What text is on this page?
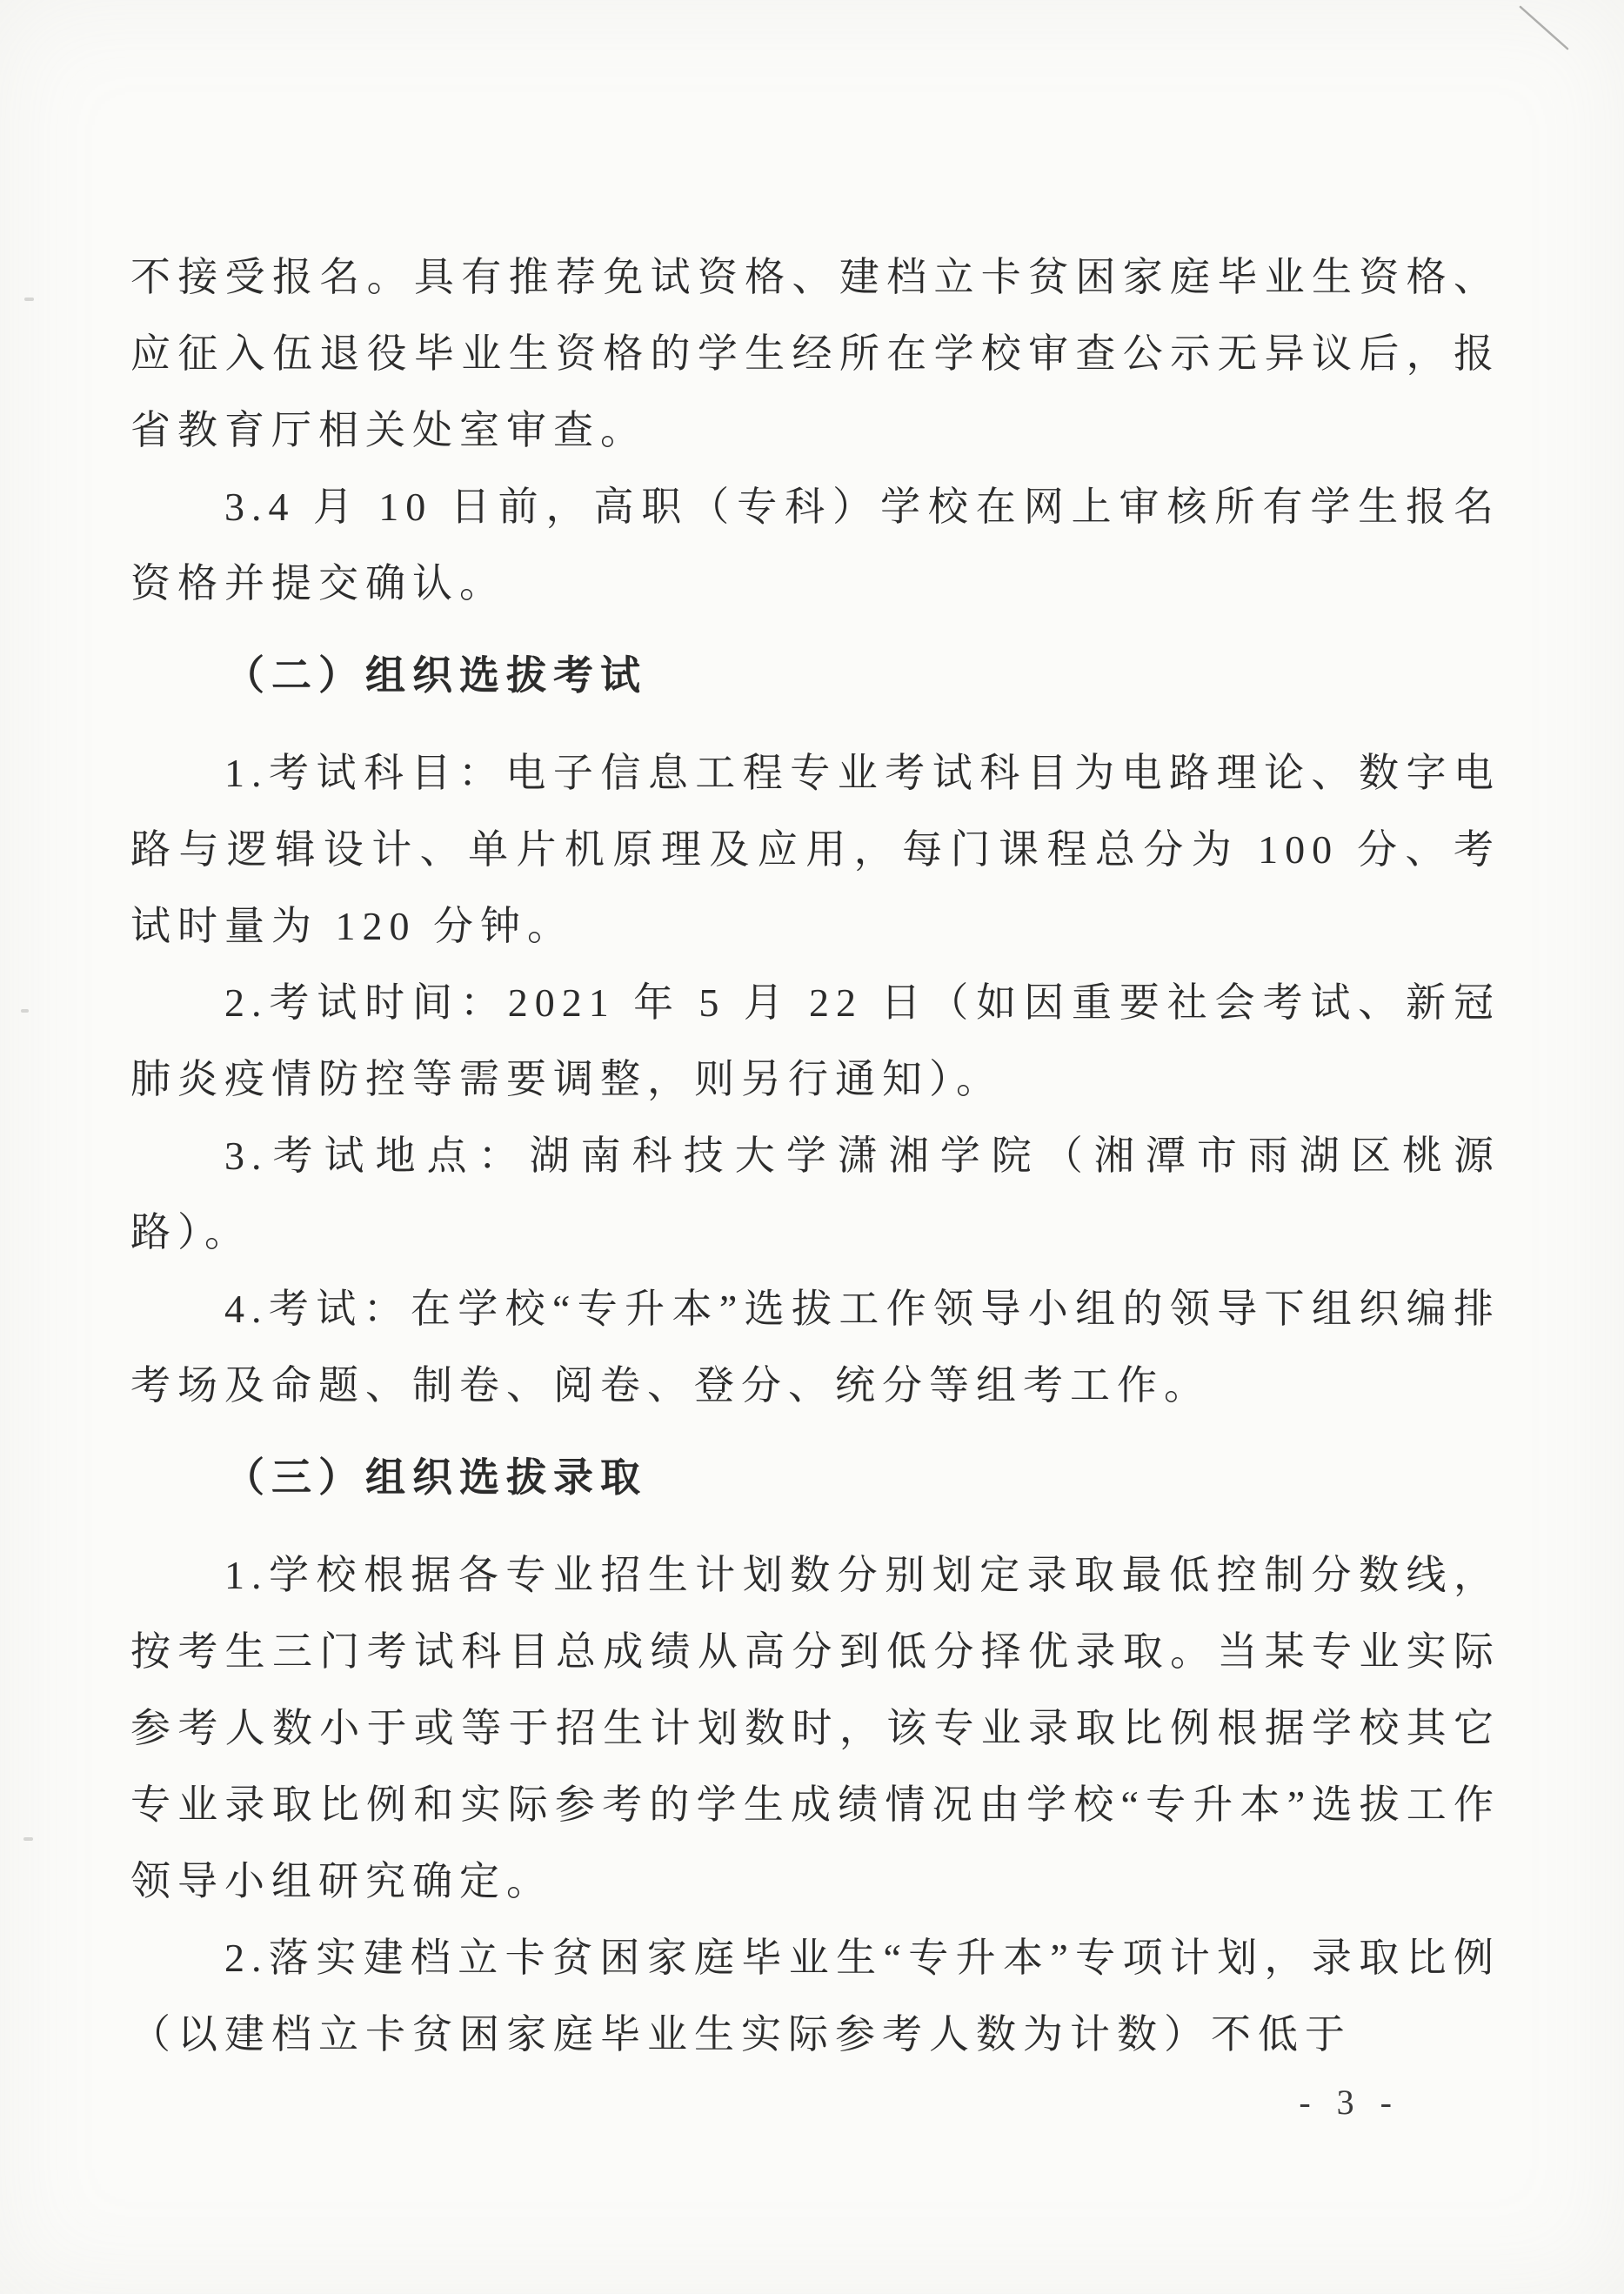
不接受报名。具有推荐免试资格、建档立卡贫困家庭毕业生资格、应征入伍退役毕业生资格的学生经所在学校审查公示无异议后，报省教育厅相关处室审查。

3.4 月 10 日前，高职（专科）学校在网上审核所有学生报名资格并提交确认。

（二）组织选拔考试

1.考试科目：电子信息工程专业考试科目为电路理论、数字电路与逻辑设计、单片机原理及应用，每门课程总分为 100 分、考试时量为 120 分钟。

2.考试时间：2021 年 5 月 22 日（如因重要社会考试、新冠肺炎疫情防控等需要调整，则另行通知）。

3.考试地点：湖南科技大学潇湘学院（湘潭市雨湖区桃源路）。

4.考试：在学校“专升本”选拔工作领导小组的领导下组织编排考场及命题、制卷、阅卷、登分、统分等组考工作。

（三）组织选拔录取

1.学校根据各专业招生计划数分别划定录取最低控制分数线，按考生三门考试科目总成绩从高分到低分择优录取。当某专业实际参考人数小于或等于招生计划数时，该专业录取比例根据学校其它专业录取比例和实际参考的学生成绩情况由学校“专升本”选拔工作领导小组研究确定。

2.落实建档立卡贫困家庭毕业生“专升本”专项计划，录取比例（以建档立卡贫困家庭毕业生实际参考人数为计数）不低于

- 3 -
